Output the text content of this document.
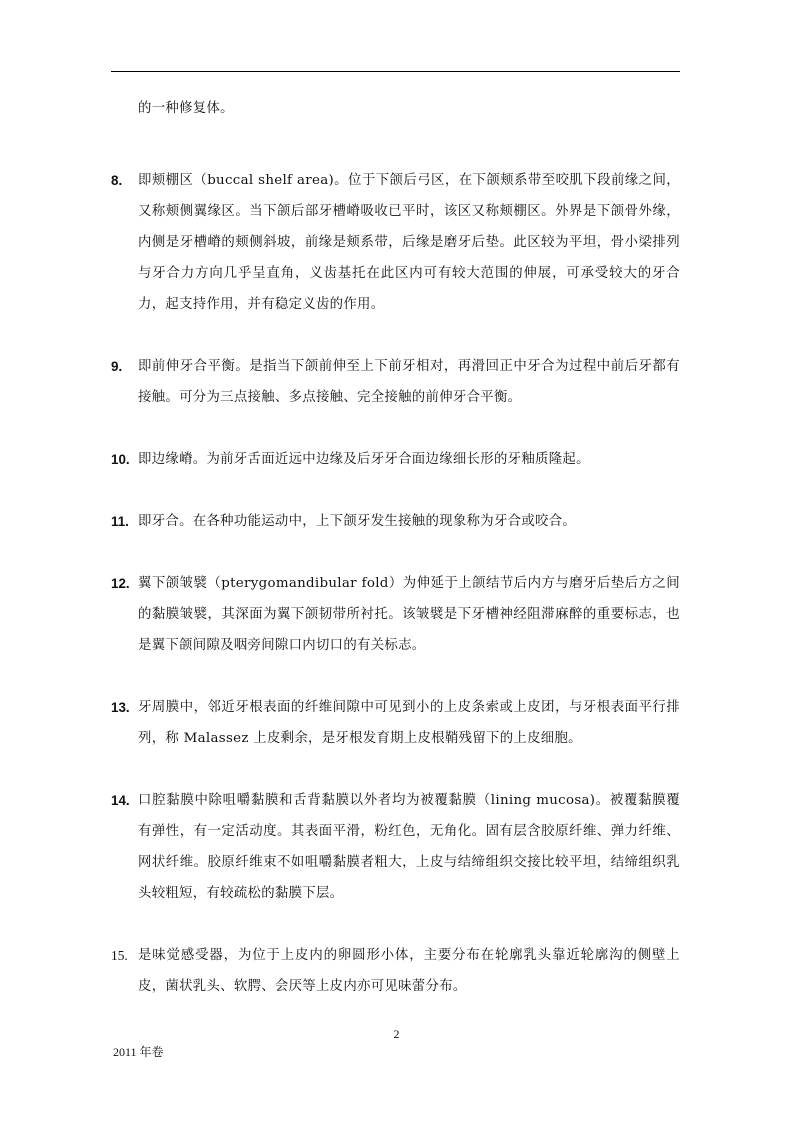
的一种修复体。

8.	即颊棚区（buccal shelf area)。位于下颌后弓区，在下颌颊系带至咬肌下段前缘之间，又称颊侧翼缘区。当下颌后部牙槽嵴吸收已平时，该区又称颊棚区。外界是下颌骨外缘，内侧是牙槽嵴的颊侧斜坡，前缘是颊系带，后缘是磨牙后垫。此区较为平坦，骨小梁排列与牙合力方向几乎呈直角，义齿基托在此区内可有较大范围的伸展，可承受较大的牙合力，起支持作用，并有稳定义齿的作用。
9.	即前伸牙合平衡。是指当下颌前伸至上下前牙相对，再滑回正中牙合为过程中前后牙都有接触。可分为三点接触、多点接触、完全接触的前伸牙合平衡。
10. 即边缘嵴。为前牙舌面近远中边缘及后牙牙合面边缘细长形的牙釉质隆起。
11. 即牙合。在各种功能运动中，上下颌牙发生接触的现象称为牙合或咬合。
12. 翼下颌皱襞（pterygomandibular fold）为伸延于上颌结节后内方与磨牙后垫后方之间的黏膜皱襞，其深面为翼下颌韧带所衬托。该皱襞是下牙槽神经阻滞麻醉的重要标志，也是翼下颌间隙及咽旁间隙口内切口的有关标志。
13. 牙周膜中，邻近牙根表面的纤维间隙中可见到小的上皮条索或上皮团，与牙根表面平行排列，称 Malassez 上皮剩余，是牙根发育期上皮根鞘残留下的上皮细胞。
14. 口腔黏膜中除咀嚼黏膜和舌背黏膜以外者均为被覆黏膜（lining mucosa)。被覆黏膜覆有弹性，有一定活动度。其表面平滑，粉红色，无角化。固有层含胶原纤维、弹力纤维、网状纤维。胶原纤维束不如咀嚼黏膜者粗大，上皮与结缔组织交接比较平坦，结缔组织乳头较粗短，有较疏松的黏膜下层。
15. 是味觉感受器，为位于上皮内的卵圆形小体，主要分布在轮廓乳头靠近轮廓沟的侧壁上皮，菌状乳头、软腭、会厌等上皮内亦可见味蕾分布。
2
2011 年卷
